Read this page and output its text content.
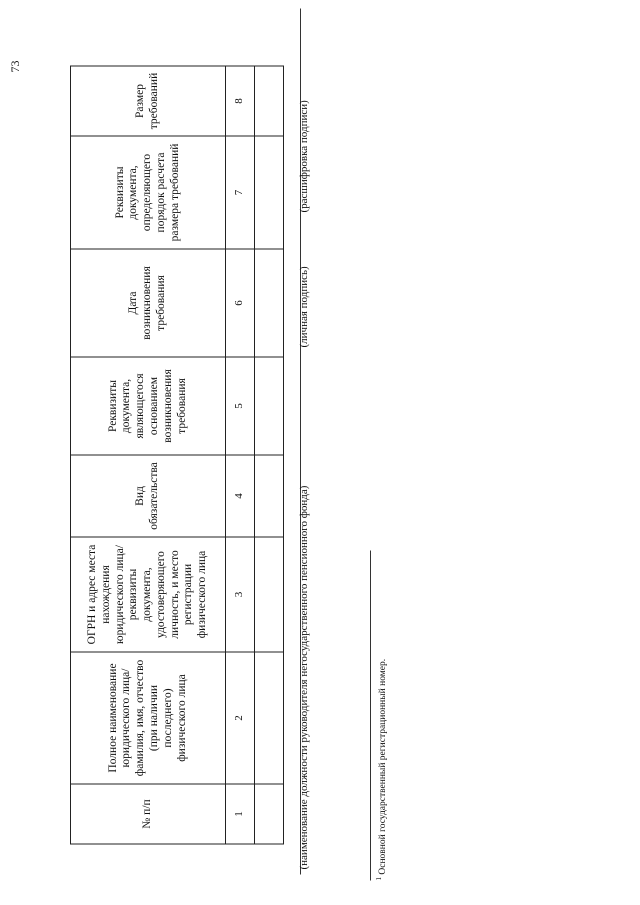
73
№ п/п	Полное наименование юридического лица/фамилия, имя, отчество (при наличии последнего) физического лица	ОГРН и адрес места нахождения юридического лица/реквизиты документа, удостоверяющего личность, и место регистрации физического лица	Вид обязательства	Реквизиты документа, являющегося основанием возникновения требования	Дата возникновения требования	Реквизиты документа, определяющего порядок расчета размера требований	Размер требований
1	2	3	4	5	6	7	8

(наименование должности руководителя негосударственного пенсионного фонда)
(личная подпись)
(расшифровка подписи)
$^1$ Основной государственный регистрационный номер.
